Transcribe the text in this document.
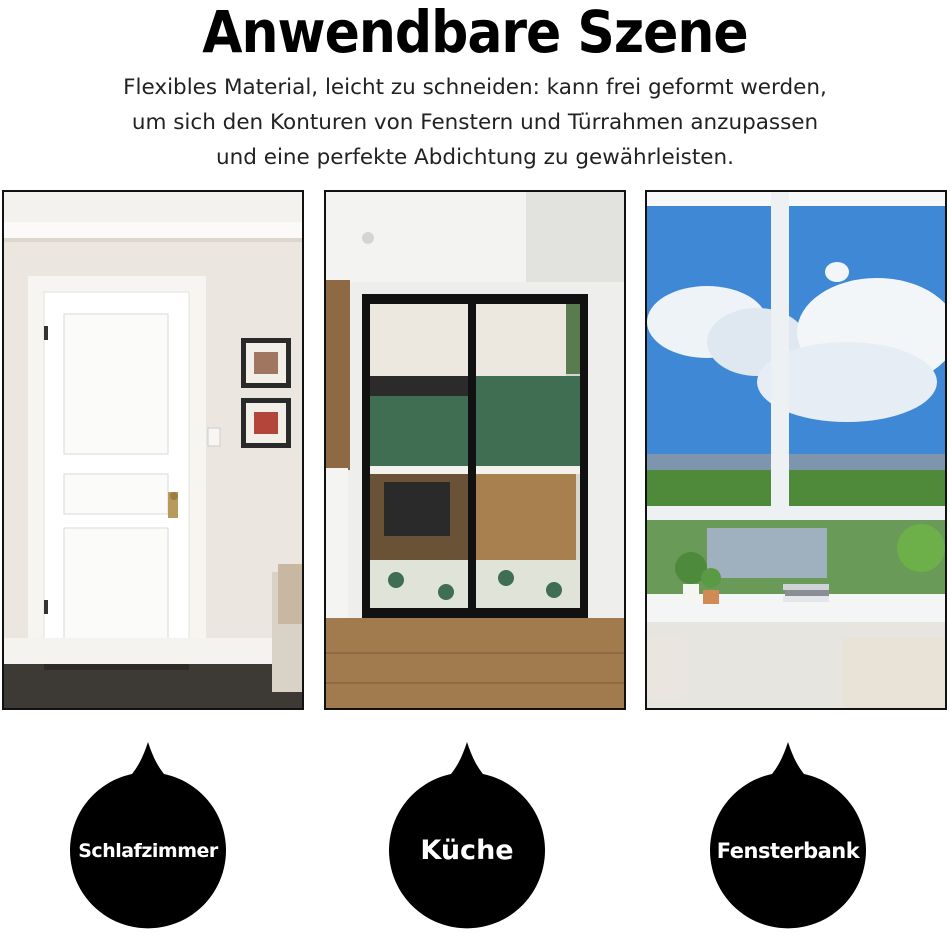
Anwendbare Szene
Flexibles Material, leicht zu schneiden: kann frei geformt werden,
um sich den Konturen von Fenstern und Türrahmen anzupassen
und eine perfekte Abdichtung zu gewährleisten.
Schlafzimmer	Küche	Fensterbank
